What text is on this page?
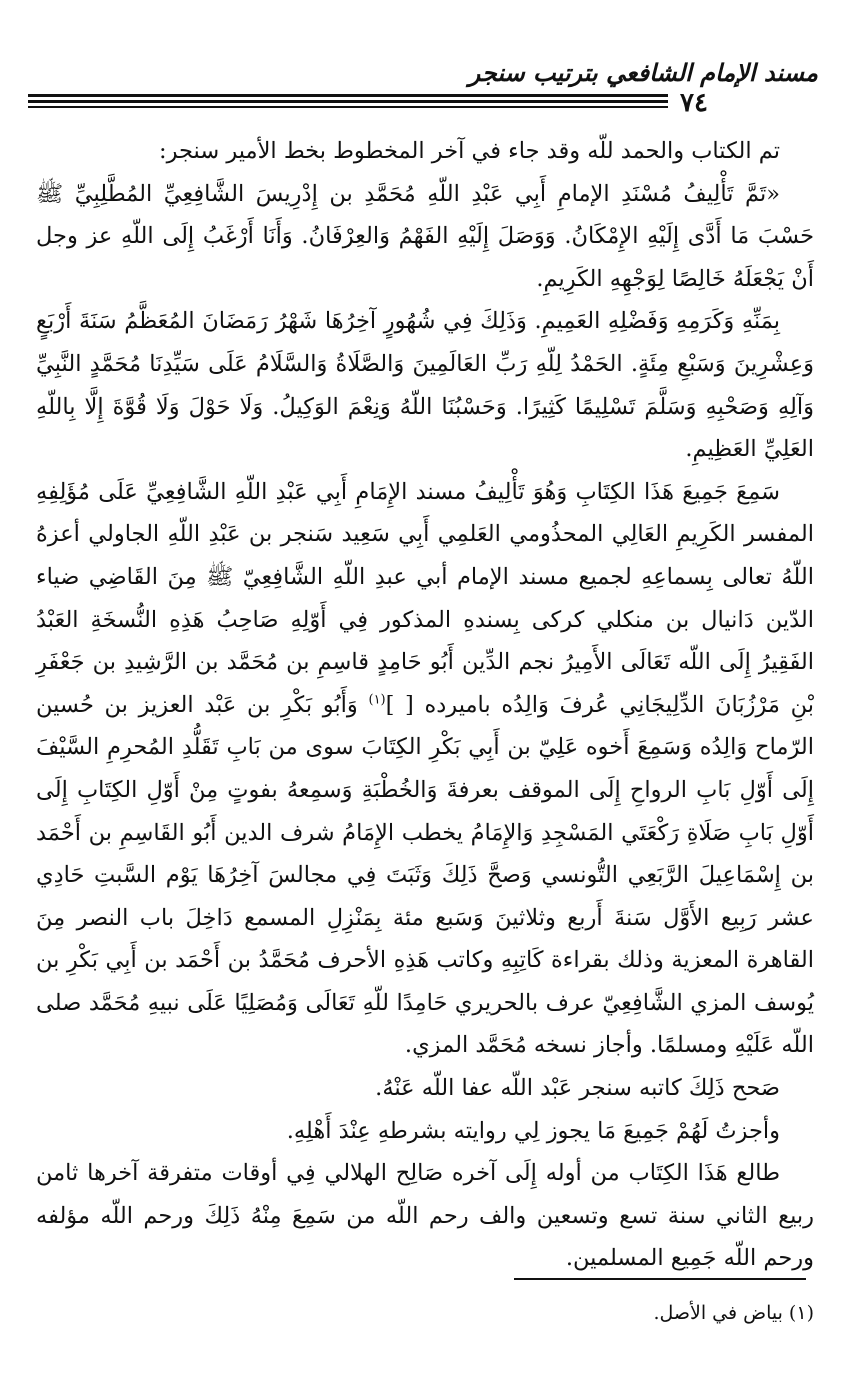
مسند الإمام الشافعي بترتيب سنجر
٧٤

تم الكتاب والحمد للّه وقد جاء في آخر المخطوط بخط الأمير سنجر:

«تَمَّ تَأْلِيفُ مُسْنَدِ الإمامِ أَبِي عَبْدِ اللّهِ مُحَمَّدِ بن إِدْرِيسَ الشَّافِعِيِّ المُطَّلِبِيِّ ﷺ حَسْبَ مَا أَدَّى إِلَيْهِ الإِمْكَانُ. وَوَصَلَ إِلَيْهِ الفَهْمُ وَالعِرْفَانُ. وَأَنَا أَرْغَبُ إِلَى اللّهِ عز وجل أَنْ يَجْعَلَهُ خَالِصًا لِوَجْهِهِ الكَرِيمِ.

بِمَنِّهِ وَكَرَمِهِ وَفَضْلِهِ العَمِيمِ. وَذَلِكَ فِي شُهُورٍ آخِرُهَا شَهْرُ رَمَضَانَ المُعَظَّمُ سَنَةَ أَرْبَعٍ وَعِشْرِينَ وَسَبْعِ مِئَةٍ. الحَمْدُ لِلّهِ رَبِّ العَالَمِينَ وَالصَّلَاةُ وَالسَّلَامُ عَلَى سَيِّدِنَا مُحَمَّدٍ النَّبِيِّ وَآلِهِ وَصَحْبِهِ وَسَلَّمَ تَسْلِيمًا كَثِيرًا. وَحَسْبُنَا اللّهُ وَنِعْمَ الوَكِيلُ. وَلَا حَوْلَ وَلَا قُوَّةَ إِلَّا بِاللّهِ العَلِيِّ العَظِيمِ.

سَمِعَ جَمِيعَ هَذَا الكِتَابِ وَهُوَ تَأْلِيفُ مسند الإِمَامِ أَبِي عَبْدِ اللّهِ الشَّافِعِيِّ عَلَى مُؤَلِفِهِ المفسر الكَرِيمِ العَالِي المحذُومي العَلمِي أَبِي سَعِيد سَنجر بن عَبْدِ اللّهِ الجاولي أعزهُ اللّهُ تعالى بِسماعِهِ لجميع مسند الإمام أبي عبدِ اللّهِ الشَّافِعِيّ ﷺ مِنَ القَاضِي ضياء الدّين دَانيال بن منكلي كركى بِسندهِ المذكور فِي أَوّلِهِ صَاحِبُ هَذِهِ النُّسخَةِ العَبْدُ الفَقِيرُ إِلَى اللّه تَعَالَى الأَمِيرُ نجم الدِّين أَبُو حَامِدٍ قاسِمِ بن مُحَمَّد بن الرَّشِيدِ بن جَعْفَرِ بْنِ مَرْزُبَانَ الدِّلِيجَانِي عُرفَ وَالِدُه باميرده [ ]$^{(١)}$ وَأَبُو بَكْرِ بن عَبْد العزيز بن حُسين الرّماح وَالِدُه وَسَمِعَ أَخوه عَلِيّ بن أَبِي بَكْرِ الكِتَابَ سوى من بَابِ تَقَلُّدِ المُحرِمِ السَّيْفَ إِلَى أَوّلِ بَابِ الرواحِ إِلَى الموقف بعرفةَ وَالخُطْبَةِ وَسمِعهُ بفوتٍ مِنْ أَوّلِ الكِتَابِ إِلَى أَوّلِ بَابِ صَلَاةِ رَكْعَتَي المَسْجِدِ وَالإِمَامُ يخطب الإِمَامُ شرف الدين أَبُو القَاسِمِ بن أَحْمَد بن إِسْمَاعِيلَ الرَّبَعِي التُّونسي وَصحَّ ذَلِكَ وَثَبَتَ فِي مجالسَ آخِرُهَا يَوْم السَّبتِ حَادِي عشر رَبِيع الأَوَّل سَنةَ أَربع وثلاثينَ وَسَبع مئة بِمَنْزِلِ المسمع دَاخِلَ باب النصر مِنَ القاهرة المعزية وذلك بقراءة كَاتِبِهِ وكاتب هَذِهِ الأحرف مُحَمَّدُ بن أَحْمَد بن أَبِي بَكْرِ بن يُوسف المزي الشَّافِعِيّ عرف بالحريري حَامِدًا للّهِ تَعَالَى وَمُصَلِيًا عَلَى نبيهِ مُحَمَّد صلى اللّه عَلَيْهِ ومسلمًا. وأجاز نسخه مُحَمَّد المزي.

صَحح ذَلِكَ كاتبه سنجر عَبْد اللّه عفا اللّه عَنْهُ.

وأجزتُ لَهُمْ جَمِيعَ مَا يجوز لِي روايته بشرطهِ عِنْدَ أَهْلِهِ.

طالع هَذَا الكِتَاب من أوله إِلَى آخره صَالِح الهلالي فِي أوقات متفرقة آخرها ثامن ربيع الثاني سنة تسع وتسعين والف رحم اللّه من سَمِعَ مِنْهُ ذَلِكَ ورحم اللّه مؤلفه ورحم اللّه جَمِيع المسلمين.

(١) بياض في الأصل.
